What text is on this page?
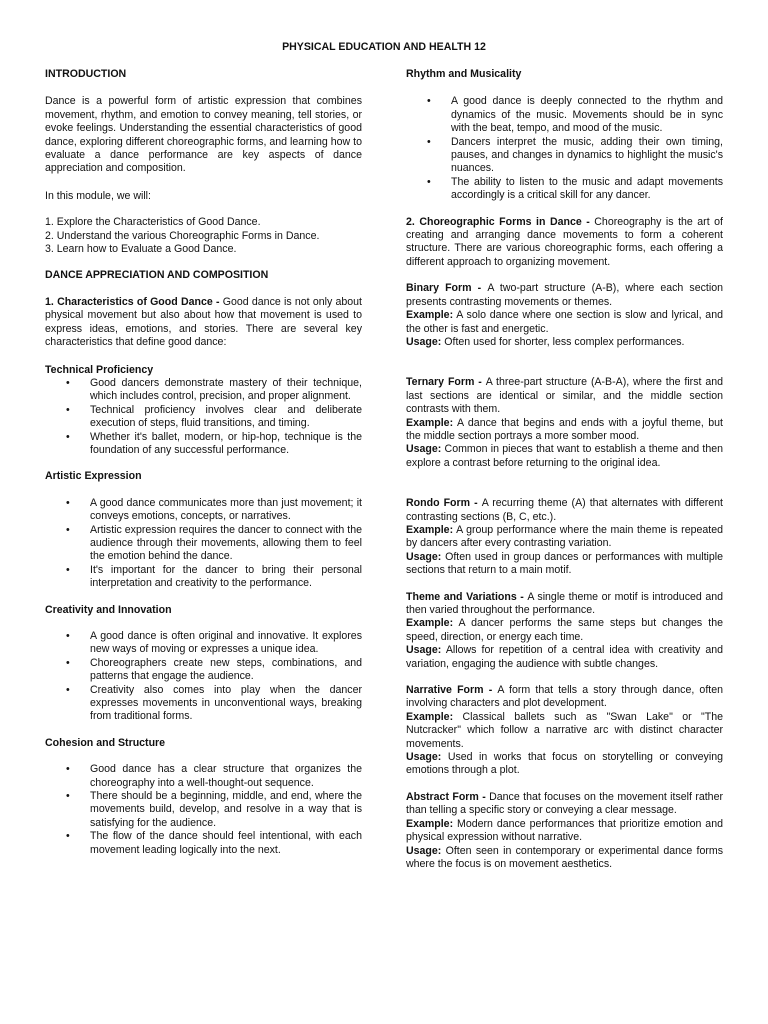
PHYSICAL EDUCATION AND HEALTH 12
INTRODUCTION

Dance is a powerful form of artistic expression that combines movement, rhythm, and emotion to convey meaning, tell stories, or evoke feelings. Understanding the essential characteristics of good dance, exploring different choreographic forms, and learning how to evaluate a dance performance are key aspects of dance appreciation and composition.

In this module, we will:

1. Explore the Characteristics of Good Dance.
2. Understand the various Choreographic Forms in Dance.
3. Learn how to Evaluate a Good Dance.
DANCE APPRECIATION AND COMPOSITION

1. Characteristics of Good Dance - Good dance is not only about physical movement but also about how that movement is used to express ideas, emotions, and stories. There are several key characteristics that define good dance:

Technical Proficiency
• Good dancers demonstrate mastery of their technique, which includes control, precision, and proper alignment.
• Technical proficiency involves clear and deliberate execution of steps, fluid transitions, and timing.
• Whether it's ballet, modern, or hip-hop, technique is the foundation of any successful performance.
Artistic Expression
• A good dance communicates more than just movement; it conveys emotions, concepts, or narratives.
• Artistic expression requires the dancer to connect with the audience through their movements, allowing them to feel the emotion behind the dance.
• It's important for the dancer to bring their personal interpretation and creativity to the performance.
Creativity and Innovation
• A good dance is often original and innovative. It explores new ways of moving or expresses a unique idea.
• Choreographers create new steps, combinations, and patterns that engage the audience.
• Creativity also comes into play when the dancer expresses movements in unconventional ways, breaking from traditional forms.
Cohesion and Structure
• Good dance has a clear structure that organizes the choreography into a well-thought-out sequence.
• There should be a beginning, middle, and end, where the movements build, develop, and resolve in a way that is satisfying for the audience.
• The flow of the dance should feel intentional, with each movement leading logically into the next.
Rhythm and Musicality
• A good dance is deeply connected to the rhythm and dynamics of the music. Movements should be in sync with the beat, tempo, and mood of the music.
• Dancers interpret the music, adding their own timing, pauses, and changes in dynamics to highlight the music's nuances.
• The ability to listen to the music and adapt movements accordingly is a critical skill for any dancer.

2. Choreographic Forms in Dance - Choreography is the art of creating and arranging dance movements to form a coherent structure. There are various choreographic forms, each offering a different approach to organizing movement.

Binary Form - A two-part structure (A-B), where each section presents contrasting movements or themes.

Example: A solo dance where one section is slow and lyrical, and the other is fast and energetic.

Usage: Often used for shorter, less complex performances.

Ternary Form - A three-part structure (A-B-A), where the first and last sections are identical or similar, and the middle section contrasts with them.

Example: A dance that begins and ends with a joyful theme, but the middle section portrays a more somber mood.

Usage: Common in pieces that want to establish a theme and then explore a contrast before returning to the original idea.

Rondo Form - A recurring theme (A) that alternates with different contrasting sections (B, C, etc.).

Example: A group performance where the main theme is repeated by dancers after every contrasting variation.

Usage: Often used in group dances or performances with multiple sections that return to a main motif.

Theme and Variations - A single theme or motif is introduced and then varied throughout the performance.

Example: A dancer performs the same steps but changes the speed, direction, or energy each time.

Usage: Allows for repetition of a central idea with creativity and variation, engaging the audience with subtle changes.

Narrative Form - A form that tells a story through dance, often involving characters and plot development.

Example: Classical ballets such as "Swan Lake" or "The Nutcracker" which follow a narrative arc with distinct character movements.

Usage: Used in works that focus on storytelling or conveying emotions through a plot.

Abstract Form - Dance that focuses on the movement itself rather than telling a specific story or conveying a clear message.

Example: Modern dance performances that prioritize emotion and physical expression without narrative.

Usage: Often seen in contemporary or experimental dance forms where the focus is on movement aesthetics.
